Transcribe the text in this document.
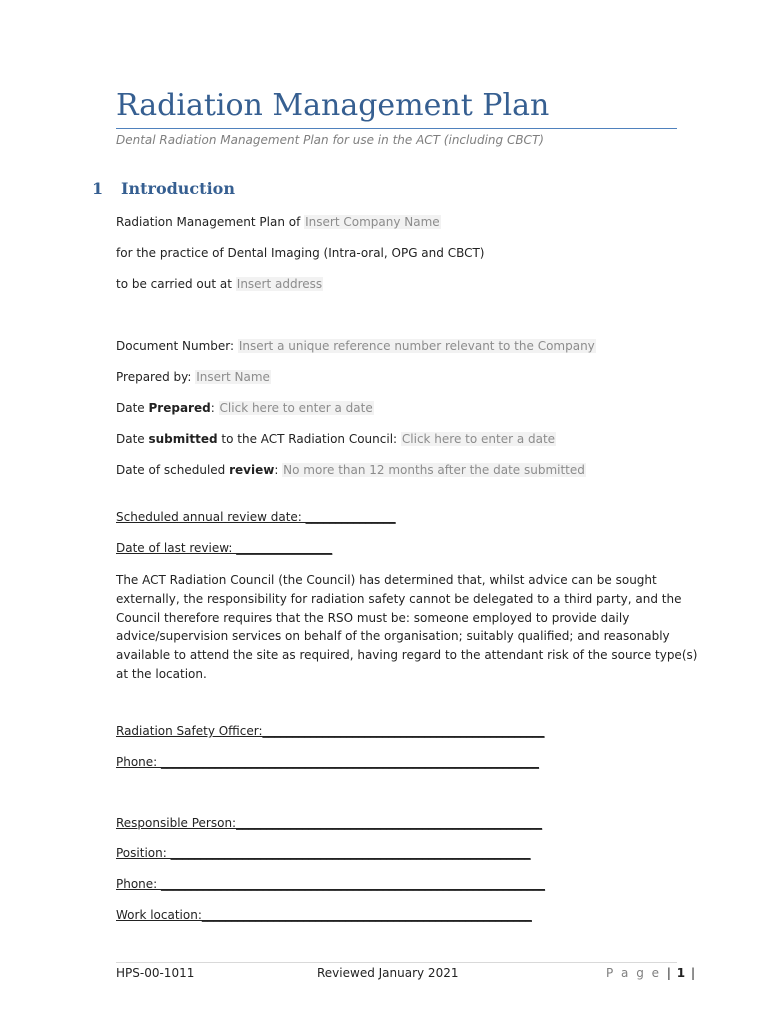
Radiation Management Plan
Dental Radiation Management Plan for use in the ACT (including CBCT)
1 Introduction
Radiation Management Plan of Insert Company Name
for the practice of Dental Imaging (Intra-oral, OPG and CBCT)
to be carried out at Insert address
Document Number: Insert a unique reference number relevant to the Company
Prepared by: Insert Name
Date Prepared: Click here to enter a date
Date submitted to the ACT Radiation Council: Click here to enter a date
Date of scheduled review: No more than 12 months after the date submitted
Scheduled annual review date: _______________
Date of last review: ________________
The ACT Radiation Council (the Council) has determined that, whilst advice can be sought
externally, the responsibility for radiation safety cannot be delegated to a third party, and the
Council therefore requires that the RSO must be: someone employed to provide daily
advice/supervision services on behalf of the organisation; suitably qualified; and reasonably
available to attend the site as required, having regard to the attendant risk of the source type(s)
at the location.
Radiation Safety Officer:_______________________________________________
Phone: _______________________________________________________________
Responsible Person:___________________________________________________
Position: ____________________________________________________________
Phone: ________________________________________________________________
Work location:_______________________________________________________
HPS-00-1011	Reviewed January 2021	P a g e | 1 |
